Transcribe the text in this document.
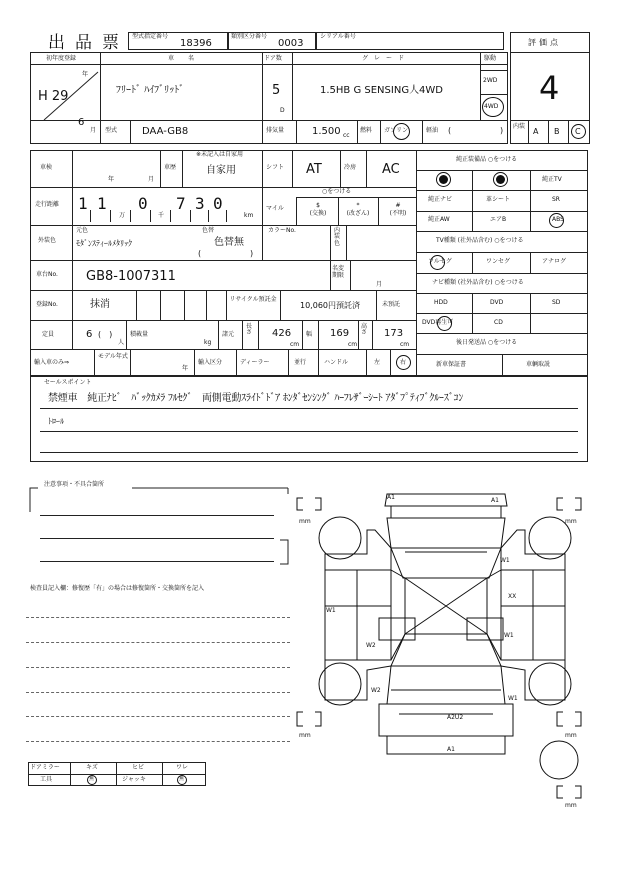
出品票 型式指定番号
18396
類別区分番号
0003
シリアル番号
評価点
4
内装
A B C
初年度登録
年
H 29
6
月
車　名
ﾌﾘｰﾄﾞ ﾊｲﾌﾞﾘｯﾄﾞ
ドア数
5
D
グレード
1.5HB G SENSING人4WD
駆動
2WD
4WD
型式 DAA-GB8	排気量	1.500 cc
燃料 ガソリン	軽油 (	)
車検
年	月
車歴
※未記入は自家用
自家用	シフト AT	冷房 AC
走行距離 1 1
万
0
千
7 3 0
km
マイル
○をつける
$
(交換)
*
(改ざん)
#
(不明)
外装色
元色
ﾓﾀﾞﾝｽﾃｨｰﾙﾒﾀﾘｯｸ
色替
色替無
(	)
カラーNo.	内装色
車台No. GB8-1007311
名変期限
月
登録No.	抹消	リサイクル預託金
10,060円預託済	未預託
定員	6 (　)
人
積載量
kg
諸元
長さ 426
cm
幅 169
cm
高さ 173
cm
輸入車のみ⇒
モデル年式
年
輸入区分	ディーラー	並行	ハンドル	左	右
純正装備品 ○をつける
純正TV
純正ナビ	革シート	SR
純正AW	エアB	ABS
TV種類 (社外品含む) ○をつける
フルセグ	ワンセグ	アナログ
ナビ種類 (社外品含む) ○をつける
HDD	DVD	SD
DVD再生可	CD
後日発送品 ○をつける
新車保証書	車輌取説
セールスポイント
禁煙車　純正ﾅﾋﾞ　ﾊﾞｯｸｶﾒﾗ ﾌﾙｾｸﾞ　両側電動ｽﾗｲﾄﾞﾄﾞｱ ﾎﾝﾀﾞｾﾝｼﾝｸﾞ ﾊｰﾌﾚｻﾞｰｼｰﾄ ｱﾀﾞﾌﾟﾃｨﾌﾞｸﾙｰｽﾞｺﾝ
ﾄﾛｰﾙ
注意事項・不具合箇所
検査員記入欄：修復歴「有」の場合は修復箇所・交換箇所を記入
ドアミラー	キズ	ヒビ	ワレ
工具	無	ジャッキ	無
mm	mm
mm	mm
mm
A1	A1
W1
W1
XX
W1
W2
W2
W1
A2U2
A1
